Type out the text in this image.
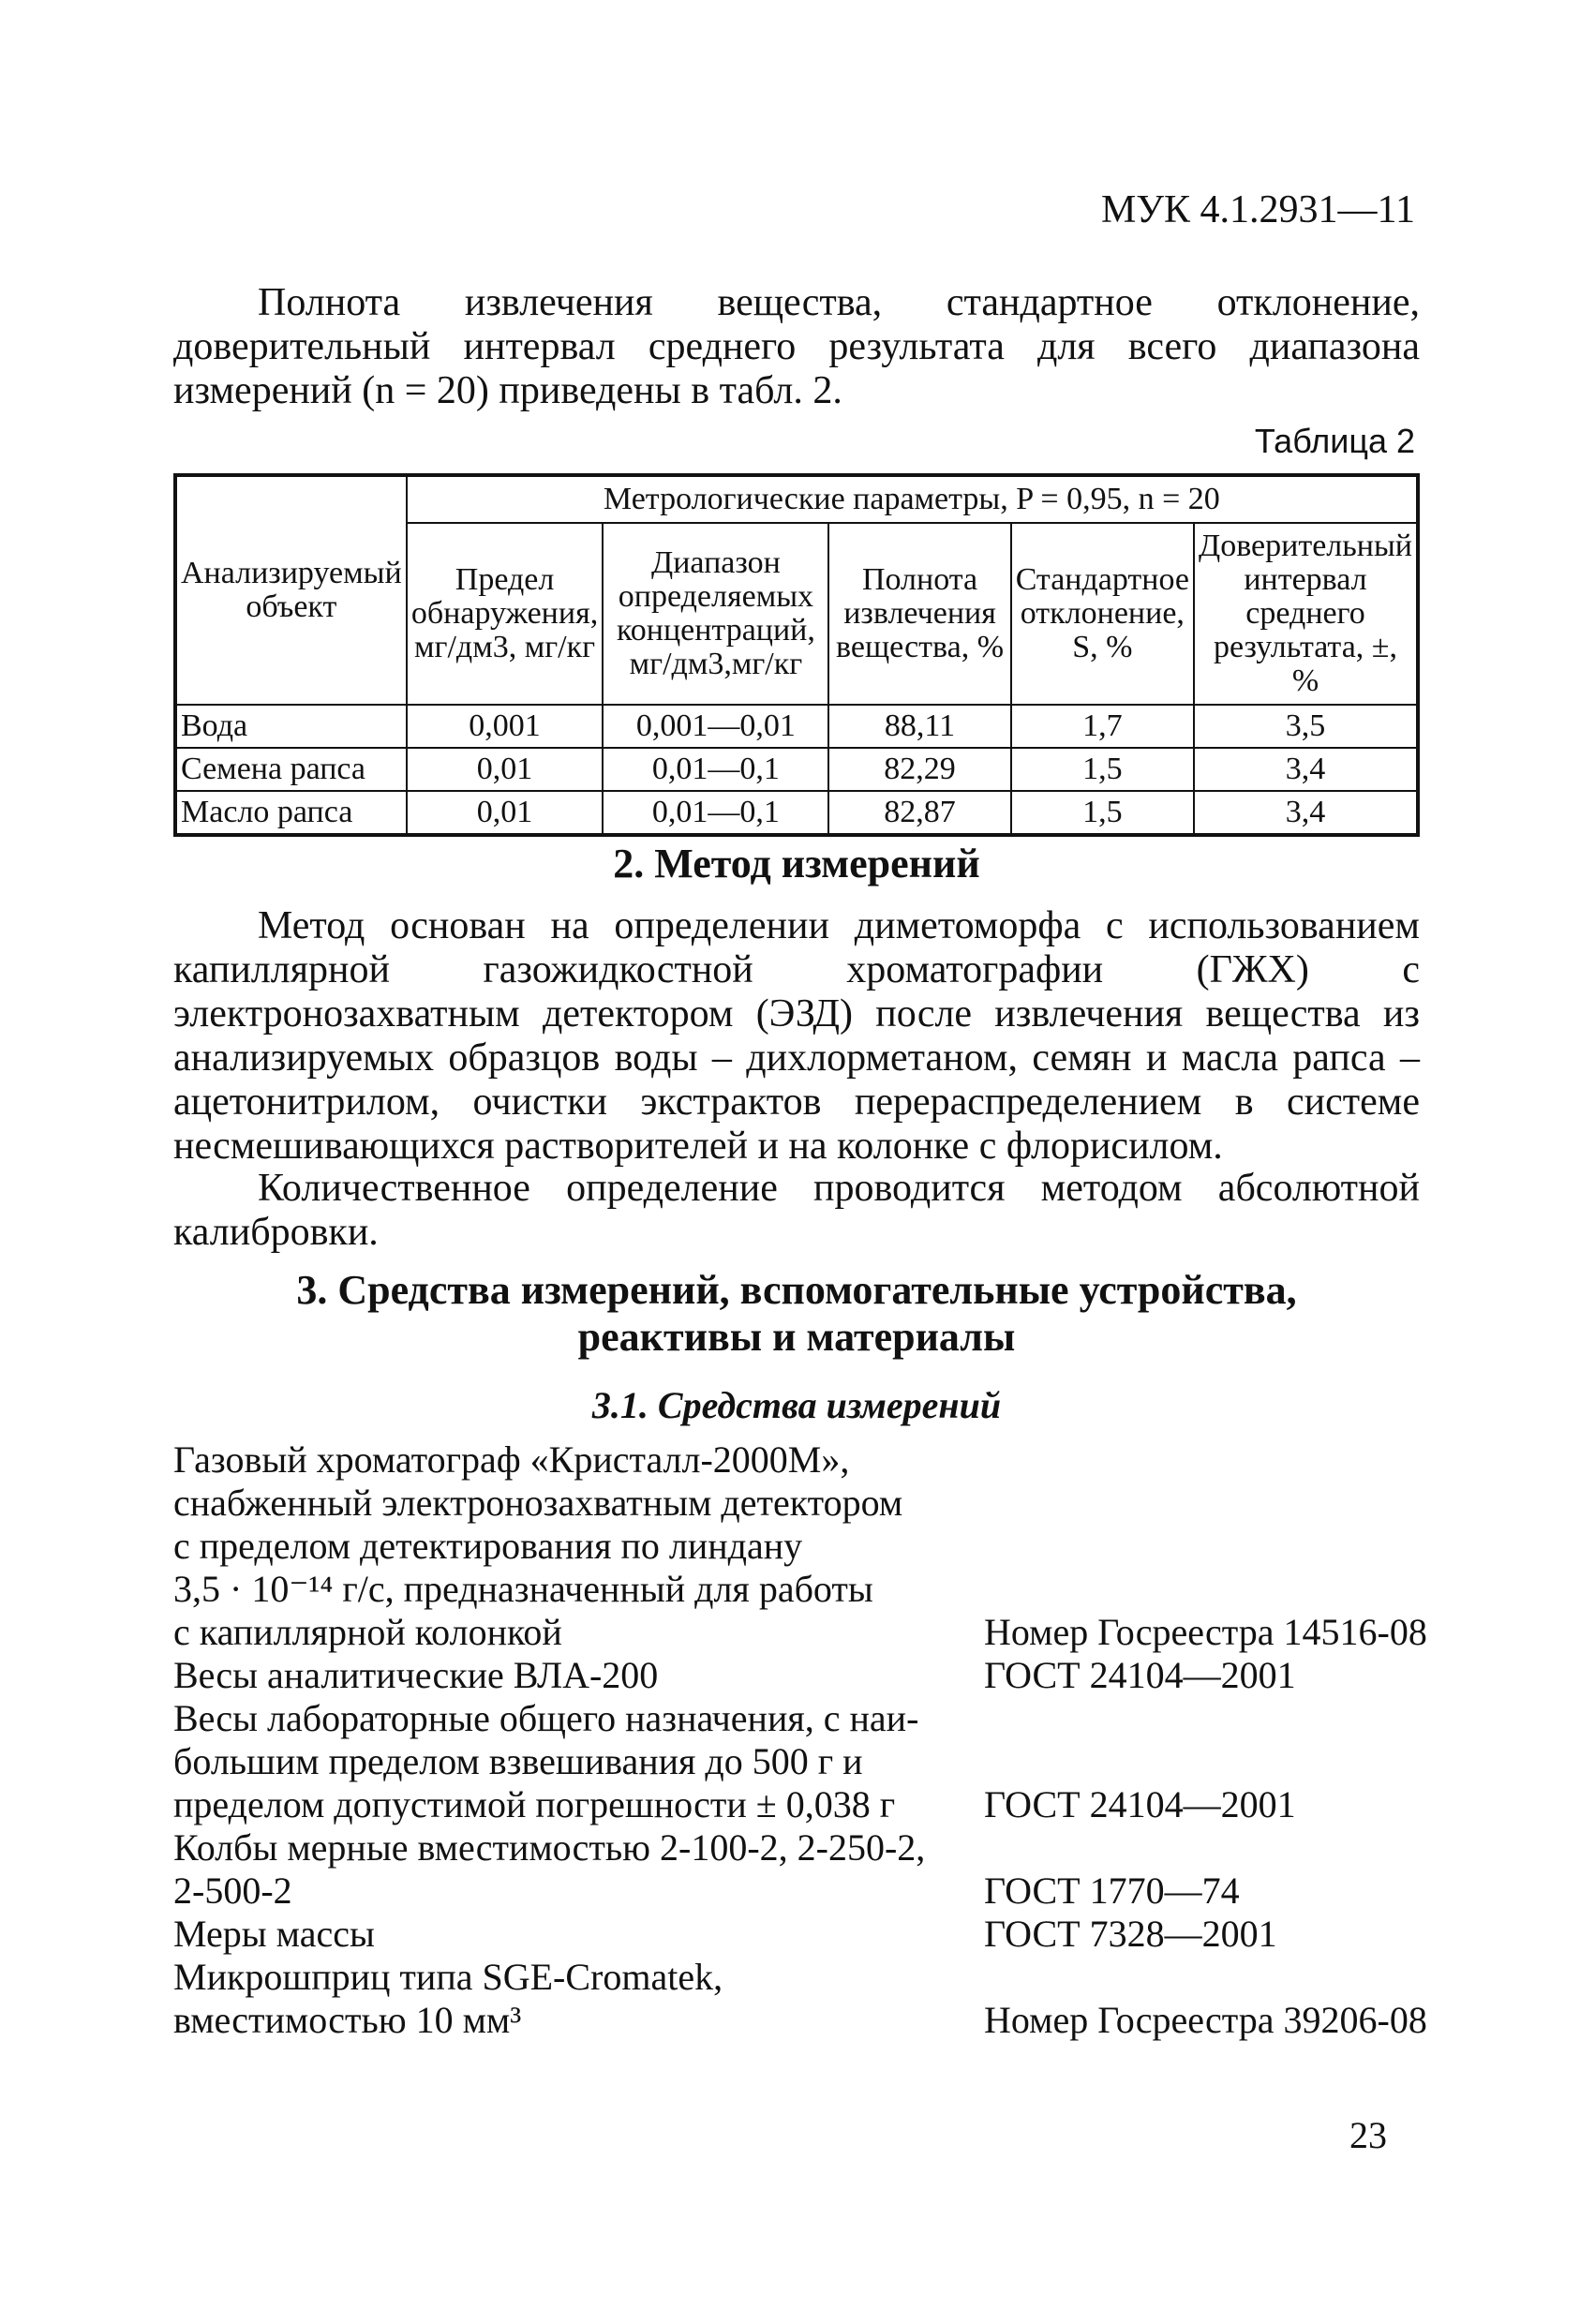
МУК 4.1.2931—11
Полнота извлечения вещества, стандартное отклонение, доверительный интервал среднего результата для всего диапазона измерений (n = 20) приведены в табл. 2.
Таблица 2
Анализируемый объект	Метрологические параметры, P = 0,95, n = 20				
	Предел обнаружения, мг/дм3, мг/кг	Диапазон определяемых концентраций, мг/дм3,мг/кг	Полнота извлечения вещества, %	Стандартное отклонение, S, %	Доверительный интервал среднего результата, ±, %
Вода	0,001	0,001—0,01	88,11	1,7	3,5
Семена рапса	0,01	0,01—0,1	82,29	1,5	3,4
Масло рапса	0,01	0,01—0,1	82,87	1,5	3,4
2. Метод измерений
Метод основан на определении диметоморфа с использованием капиллярной газожидкостной хроматографии (ГЖХ) с электронозахватным детектором (ЭЗД) после извлечения вещества из анализируемых образцов воды – дихлорметаном, семян и масла рапса – ацетонитрилом, очистки экстрактов перераспределением в системе несмешивающихся растворителей и на колонке с флорисилом.
Количественное определение проводится методом абсолютной калибровки.
3. Средства измерений, вспомогательные устройства,
реактивы и материалы
3.1. Средства измерений
Газовый хроматограф «Кристалл-2000М»,
снабженный электронозахватным детектором
с пределом детектирования по линдану
3,5 · 10⁻¹⁴ г/с, предназначенный для работы
с капиллярной колонкой	Номер Госреестра 14516-08
Весы аналитические ВЛА-200	ГОСТ 24104—2001
Весы лабораторные общего назначения, с наи-
большим пределом взвешивания до 500 г и
пределом допустимой погрешности ± 0,038 г	ГОСТ 24104—2001
Колбы мерные вместимостью 2-100-2, 2-250-2,
2-500-2	ГОСТ 1770—74
Меры массы	ГОСТ 7328—2001
Микрошприц типа SGE-Cromatek,
вместимостью 10 мм³	Номер Госреестра 39206-08
23
